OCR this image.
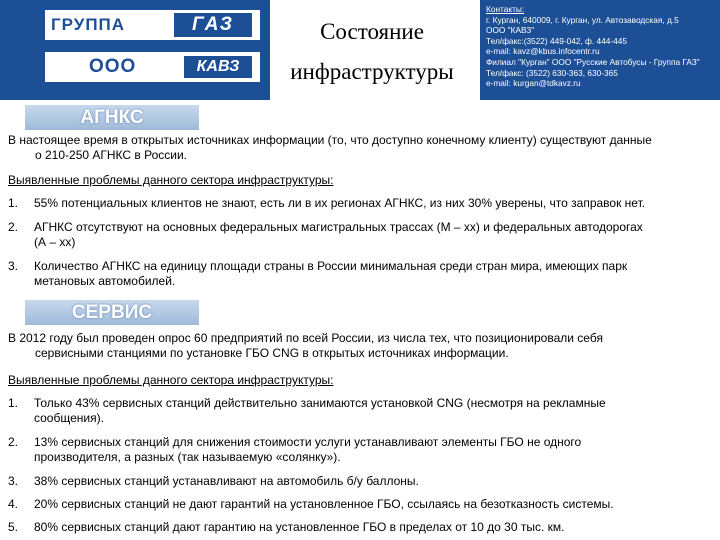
ГРУППА	ГАЗ
ООО	КАВЗ
Состояние
инфраструктуры
Контакты:
г. Курган, 640009, г. Курган, ул. Автозаводская, д.5
ООО "КАВЗ"
Тел/факс:(3522) 449-042, ф. 444-445
e-mail: kavz@kbus.infocentr.ru
Филиал "Курган" ООО "Русские Автобусы - Группа ГАЗ"
Тел/факс: (3522) 630-363, 630-365
e-mail: kurgan@tdkavz.ru
АГНКС
В настоящее время в открытых источниках информации (то, что доступно конечному клиенту) существуют данные
о 210-250 АГНКС в России.
Выявленные проблемы данного сектора инфраструктуры:
1.	55% потенциальных клиентов не знают, есть ли в их регионах АГНКС, из них 30% уверены, что заправок нет.
2.	АГНКС отсутствуют на основных федеральных магистральных трассах (М – хх) и федеральных автодорогах
(А – хх)
3.	Количество АГНКС на единицу площади страны в России минимальная среди стран мира, имеющих парк
метановых автомобилей.
СЕРВИС
В 2012 году был проведен опрос 60 предприятий по всей России, из числа тех, что позиционировали себя
сервисными станциями по установке ГБО CNG в открытых источниках информации.
Выявленные проблемы данного сектора инфраструктуры:
1.	Только 43% сервисных станций действительно занимаются установкой CNG (несмотря на рекламные
сообщения).
2.	13% сервисных станций для снижения стоимости услуги устанавливают элементы ГБО не одного
производителя, а разных (так называемую «солянку»).
3.	38% сервисных станций устанавливают на автомобиль б/у баллоны.
4.	20% сервисных станций не дают гарантий на установленное ГБО, ссылаясь на безотказность системы.
5.	80% сервисных станций дают гарантию на установленное ГБО в пределах от 10 до 30 тыс. км.
